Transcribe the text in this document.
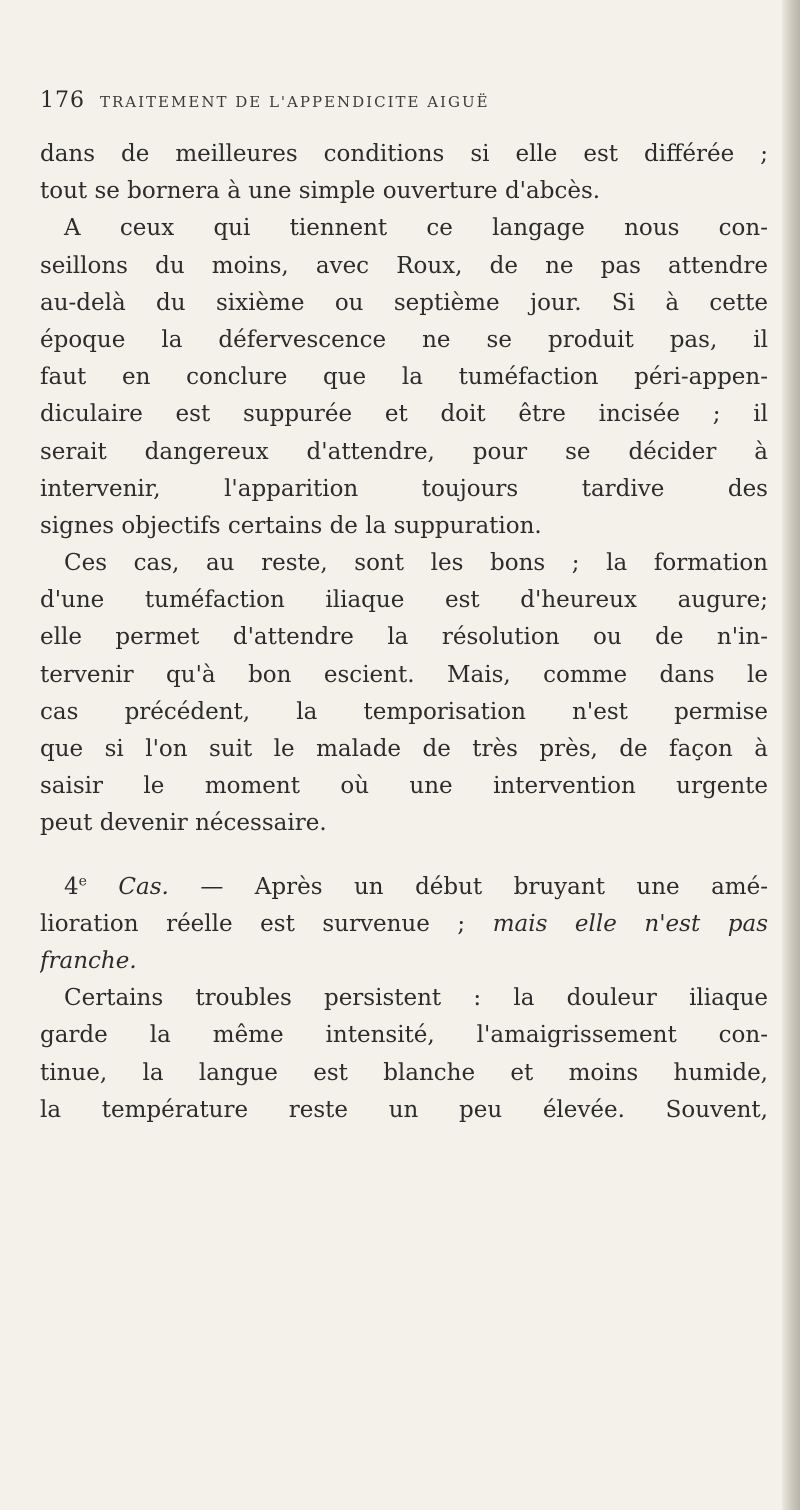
176	TRAITEMENT DE L'APPENDICITE AIGUË
dans de meilleures conditions si elle est différée ;
tout se bornera à une simple ouverture d'abcès.
A ceux qui tiennent ce langage nous con-
seillons du moins, avec Roux, de ne pas attendre
au-delà du sixième ou septième jour. Si à cette
époque la défervescence ne se produit pas, il
faut en conclure que la tuméfaction péri-appen-
diculaire est suppurée et doit être incisée ; il
serait dangereux d'attendre, pour se décider à
intervenir, l'apparition toujours tardive des
signes objectifs certains de la suppuration.
Ces cas, au reste, sont les bons ; la formation
d'une tuméfaction iliaque est d'heureux augure;
elle permet d'attendre la résolution ou de n'in-
tervenir qu'à bon escient. Mais, comme dans le
cas précédent, la temporisation n'est permise
que si l'on suit le malade de très près, de façon à
saisir le moment où une intervention urgente
peut devenir nécessaire.
4e Cas. — Après un début bruyant une amé-
lioration réelle est survenue ; mais elle n'est pas
franche.
Certains troubles persistent : la douleur iliaque
garde la même intensité, l'amaigrissement con-
tinue, la langue est blanche et moins humide,
la température reste un peu élevée. Souvent,
